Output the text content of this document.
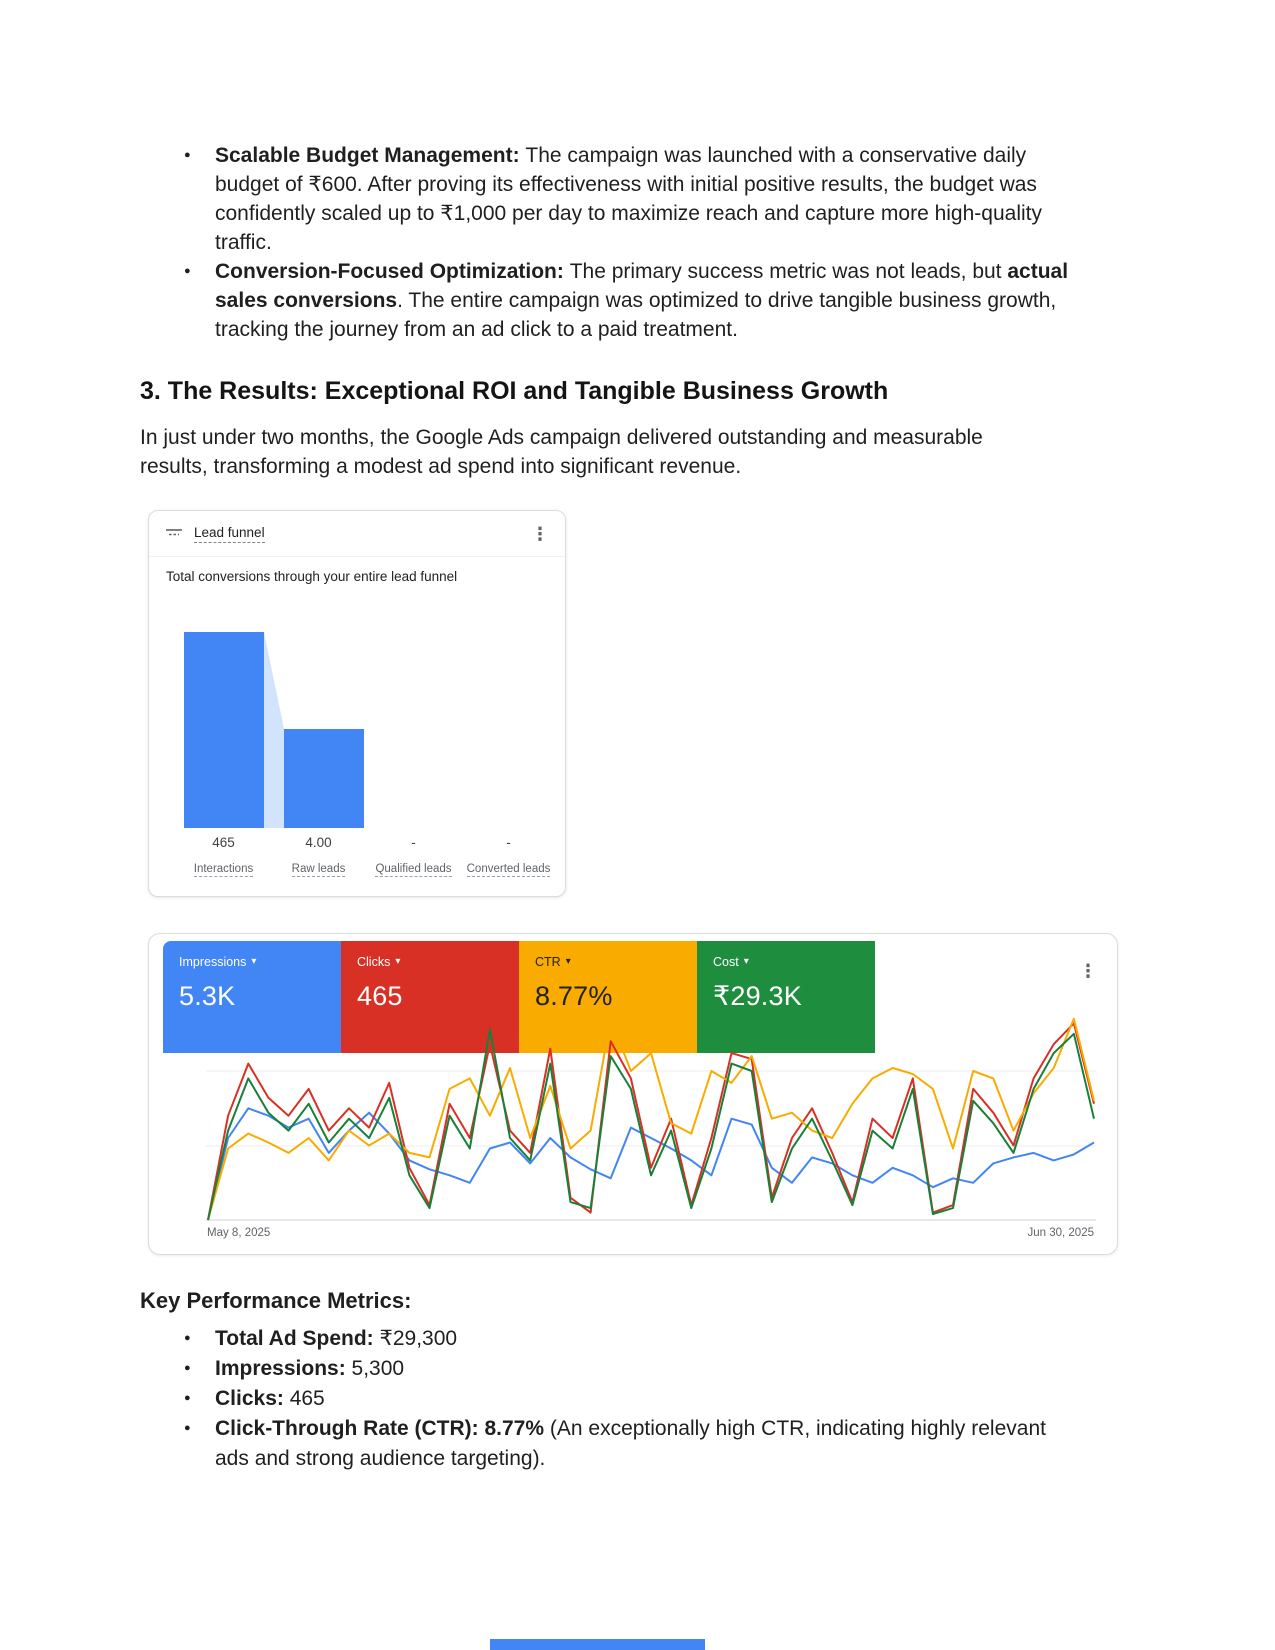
● Scalable Budget Management: The campaign was launched with a conservative daily budget of ₹600. After proving its effectiveness with initial positive results, the budget was confidently scaled up to ₹1,000 per day to maximize reach and capture more high-quality traffic.
● Conversion-Focused Optimization: The primary success metric was not leads, but actual sales conversions. The entire campaign was optimized to drive tangible business growth, tracking the journey from an ad click to a paid treatment.
3. The Results: Exceptional ROI and Tangible Business Growth

In just under two months, the Google Ads campaign delivered outstanding and measurable results, transforming a modest ad spend into significant revenue.

Lead funnel	⋮
Total conversions through your entire lead funnel
465	4.00	-	-
Interactions	Raw leads	Qualified leads Converted leads
Impressions ▾
5.3K
Clicks ▾
465
CTR ▾
8.77%
Cost ▾
₹29.3K
⋮
May 8, 2025	Jun 30, 2025
Key Performance Metrics:
● Total Ad Spend: ₹29,300
● Impressions: 5,300
● Clicks: 465
● Click-Through Rate (CTR): 8.77% (An exceptionally high CTR, indicating highly relevant ads and strong audience targeting).
